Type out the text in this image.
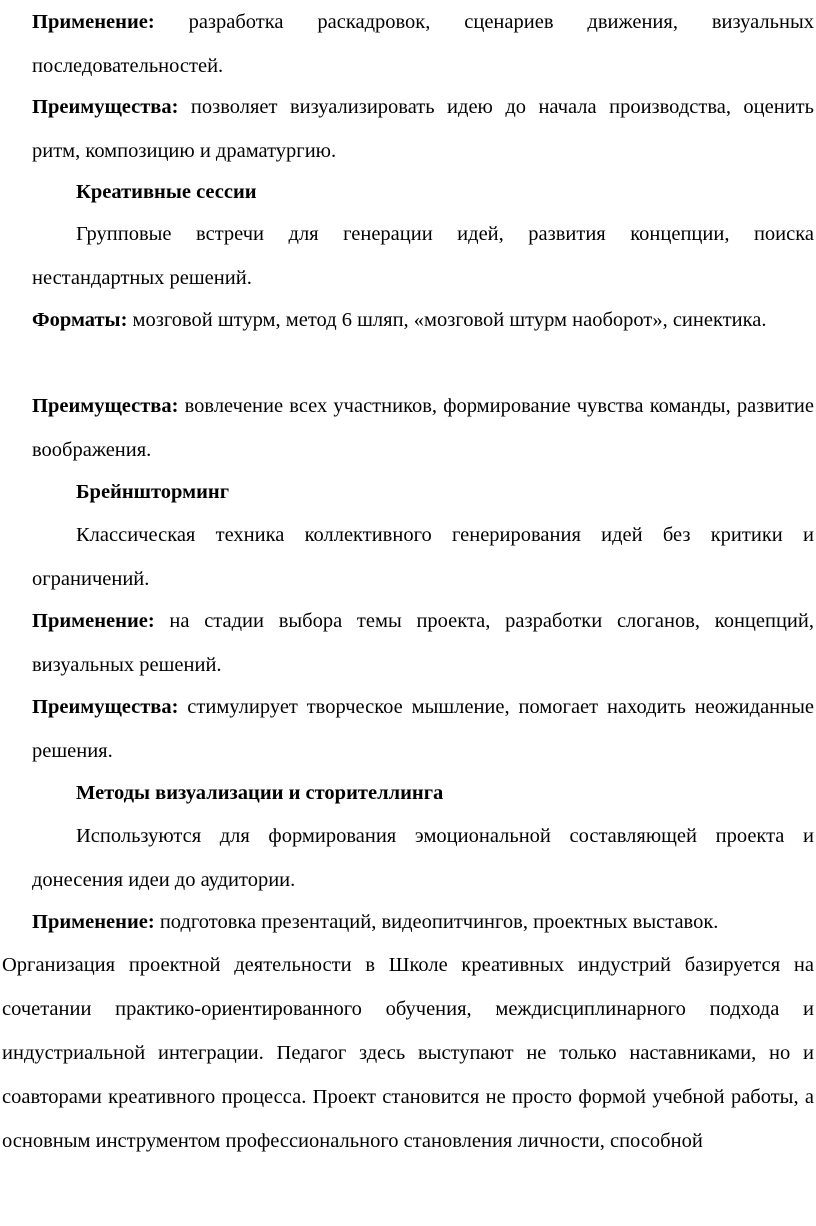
Применение: разработка раскадровок, сценариев движения, визуальных последовательностей.

Преимущества: позволяет визуализировать идею до начала производства, оценить ритм, композицию и драматургию.

Креативные сессии

Групповые встречи для генерации идей, развития концепции, поиска нестандартных решений.

Форматы: мозговой штурм, метод 6 шляп, «мозговой штурм наоборот», синектика.

Преимущества: вовлечение всех участников, формирование чувства команды, развитие воображения.

Брейншторминг

Классическая техника коллективного генерирования идей без критики и ограничений.

Применение: на стадии выбора темы проекта, разработки слоганов, концепций, визуальных решений.

Преимущества: стимулирует творческое мышление, помогает находить неожиданные решения.

Методы визуализации и сторителлинга

Используются для формирования эмоциональной составляющей проекта и донесения идеи до аудитории.

Применение: подготовка презентаций, видеопитчингов, проектных выставок.

Организация проектной деятельности в Школе креативных индустрий базируется на сочетании практико-ориентированного обучения, междисциплинарного подхода и индустриальной интеграции. Педагог здесь выступают не только наставниками, но и соавторами креативного процесса. Проект становится не просто формой учебной работы, а основным инструментом профессионального становления личности, способной
